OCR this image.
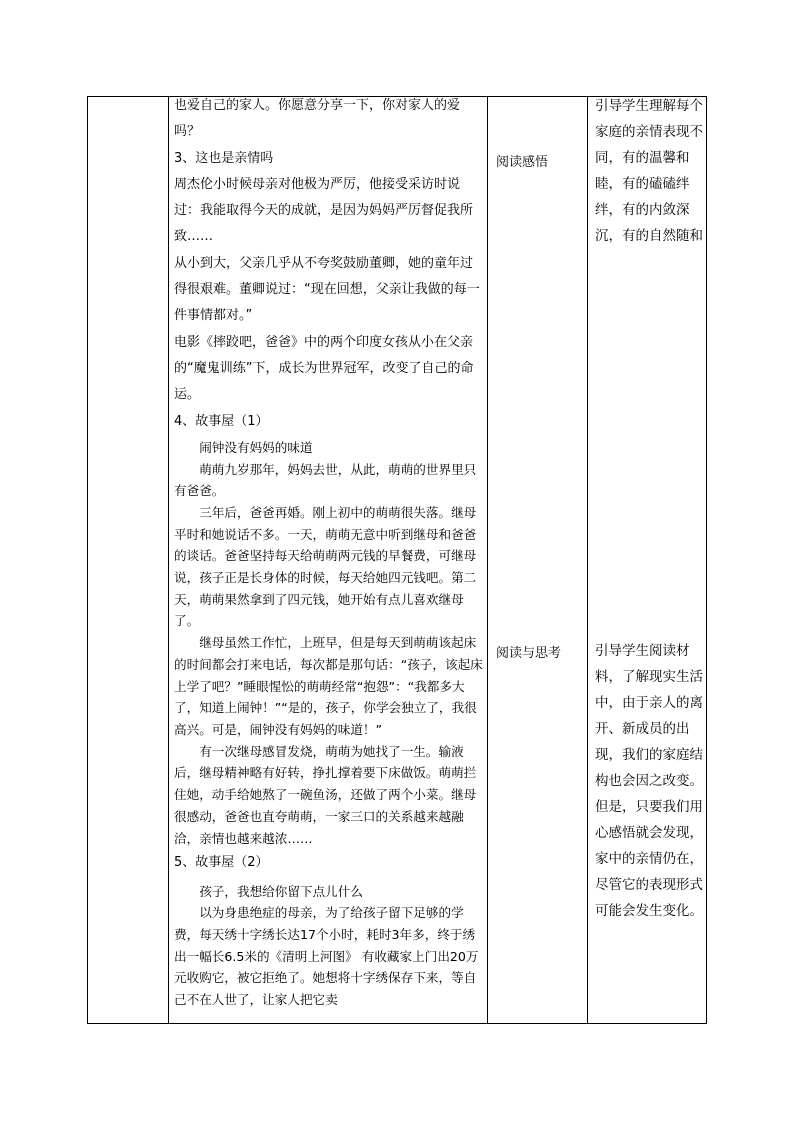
也爱自己的家人。你愿意分享一下，你对家人的爱吗？

3、这也是亲情吗

周杰伦小时候母亲对他极为严厉，他接受采访时说过：我能取得今天的成就，是因为妈妈严厉督促我所致……

从小到大，父亲几乎从不夸奖鼓励董卿，她的童年过得很艰难。董卿说过：“现在回想，父亲让我做的每一件事情都对。”

电影《摔跤吧，爸爸》中的两个印度女孩从小在父亲的“魔鬼训练”下，成长为世界冠军，改变了自己的命运。

4、故事屋（1）

闹钟没有妈妈的味道

萌萌九岁那年，妈妈去世，从此，萌萌的世界里只有爸爸。

三年后，爸爸再婚。刚上初中的萌萌很失落。继母平时和她说话不多。一天，萌萌无意中听到继母和爸爸的谈话。爸爸坚持每天给萌萌两元钱的早餐费，可继母说，孩子正是长身体的时候，每天给她四元钱吧。第二天，萌萌果然拿到了四元钱，她开始有点儿喜欢继母了。

继母虽然工作忙，上班早，但是每天到萌萌该起床的时间都会打来电话，每次都是那句话：“孩子，该起床上学了吧？”睡眼惺忪的萌萌经常“抱怨”：“我都多大了，知道上闹钟！”“是的，孩子，你学会独立了，我很高兴。可是，闹钟没有妈妈的味道！”

有一次继母感冒发烧，萌萌为她找了一生。输液后，继母精神略有好转，挣扎撑着要下床做饭。萌萌拦住她，动手给她熬了一碗鱼汤，还做了两个小菜。继母很感动，爸爸也直夸萌萌，一家三口的关系越来越融洽，亲情也越来越浓……

5、故事屋（2）

孩子，我想给你留下点儿什么

以为身患绝症的母亲，为了给孩子留下足够的学费，每天绣十字绣长达17个小时，耗时3年多，终于绣出一幅长6.5米的《清明上河图》 有收藏家上门出20万元收购它，被它拒绝了。她想将十字绣保存下来，等自己不在人世了，让家人把它卖

阅读感悟
阅读与思考
引导学生理解每个家庭的亲情表现不同，有的温馨和睦，有的磕磕绊绊，有的内敛深沉，有的自然随和
引导学生阅读材料，了解现实生活中，由于亲人的离开、新成员的出现，我们的家庭结构也会因之改变。但是，只要我们用心感悟就会发现，家中的亲情仍在，尽管它的表现形式可能会发生变化。
